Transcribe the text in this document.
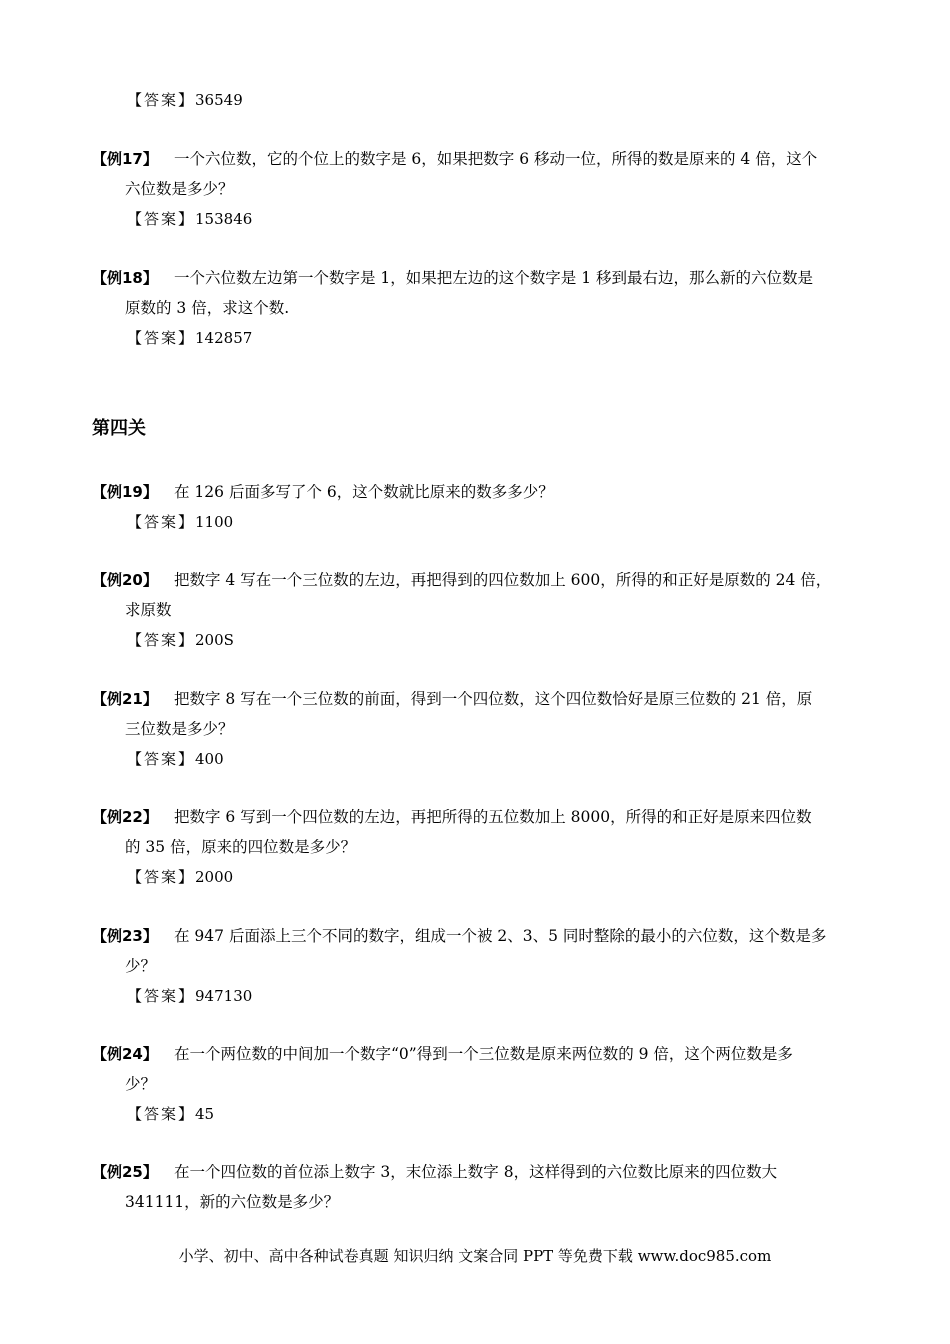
【答案】36549
【例17】 一个六位数，它的个位上的数字是 6，如果把数字 6 移动一位，所得的数是原来的 4 倍，这个
六位数是多少？
【答案】153846
【例18】 一个六位数左边第一个数字是 1，如果把左边的这个数字是 1 移到最右边，那么新的六位数是
原数的 3 倍，求这个数.
【答案】142857
第四关
【例19】 在 126 后面多写了个 6，这个数就比原来的数多多少？
【答案】1100
【例20】 把数字 4 写在一个三位数的左边，再把得到的四位数加上 600，所得的和正好是原数的 24 倍，
求原数
【答案】200S
【例21】 把数字 8 写在一个三位数的前面，得到一个四位数，这个四位数恰好是原三位数的 21 倍，原
三位数是多少？
【答案】400
【例22】 把数字 6 写到一个四位数的左边，再把所得的五位数加上 8000，所得的和正好是原来四位数
的 35 倍，原来的四位数是多少？
【答案】2000
【例23】 在 947 后面添上三个不同的数字，组成一个被 2、3、5 同时整除的最小的六位数，这个数是多
少？
【答案】947130
【例24】 在一个两位数的中间加一个数字“0”得到一个三位数是原来两位数的 9 倍，这个两位数是多
少？
【答案】45
【例25】 在一个四位数的首位添上数字 3，末位添上数字 8，这样得到的六位数比原来的四位数大
341111，新的六位数是多少？
小学、初中、高中各种试卷真题 知识归纳 文案合同 PPT 等免费下载 www.doc985.com
